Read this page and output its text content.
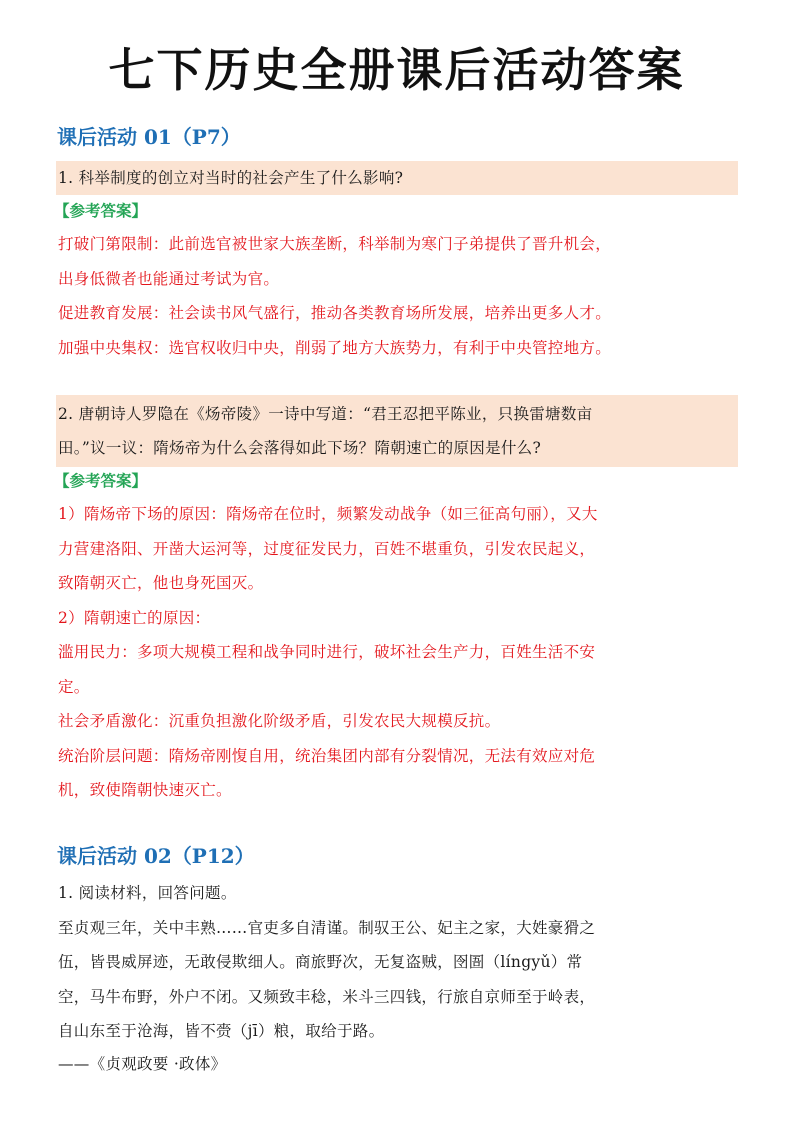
七下历史全册课后活动答案
课后活动 01（P7）
1. 科举制度的创立对当时的社会产生了什么影响?
【参考答案】
打破门第限制：此前选官被世家大族垄断，科举制为寒门子弟提供了晋升机会，
出身低微者也能通过考试为官。
促进教育发展：社会读书风气盛行，推动各类教育场所发展，培养出更多人才。
加强中央集权：选官权收归中央，削弱了地方大族势力，有利于中央管控地方。
2. 唐朝诗人罗隐在《炀帝陵》一诗中写道：“君王忍把平陈业，只换雷塘数亩
田。”议一议：隋炀帝为什么会落得如此下场？隋朝速亡的原因是什么?
【参考答案】
1）隋炀帝下场的原因：隋炀帝在位时，频繁发动战争（如三征高句丽），又大
力营建洛阳、开凿大运河等，过度征发民力，百姓不堪重负，引发农民起义，
致隋朝灭亡，他也身死国灭。
2）隋朝速亡的原因：
滥用民力：多项大规模工程和战争同时进行，破坏社会生产力，百姓生活不安
定。
社会矛盾激化：沉重负担激化阶级矛盾，引发农民大规模反抗。
统治阶层问题：隋炀帝刚愎自用，统治集团内部有分裂情况，无法有效应对危
机，致使隋朝快速灭亡。
课后活动 02（P12）
1. 阅读材料，回答问题。
至贞观三年，关中丰熟……官吏多自清谨。制驭王公、妃主之家，大姓豪猾之
伍，皆畏威屏迹，无敢侵欺细人。商旅野次，无复盗贼，囹圄（língyǔ）常
空，马牛布野，外户不闭。又频致丰稔，米斗三四钱，行旅自京师至于岭表，
自山东至于沧海，皆不赍（jī）粮，取给于路。
——《贞观政要 ·政体》
